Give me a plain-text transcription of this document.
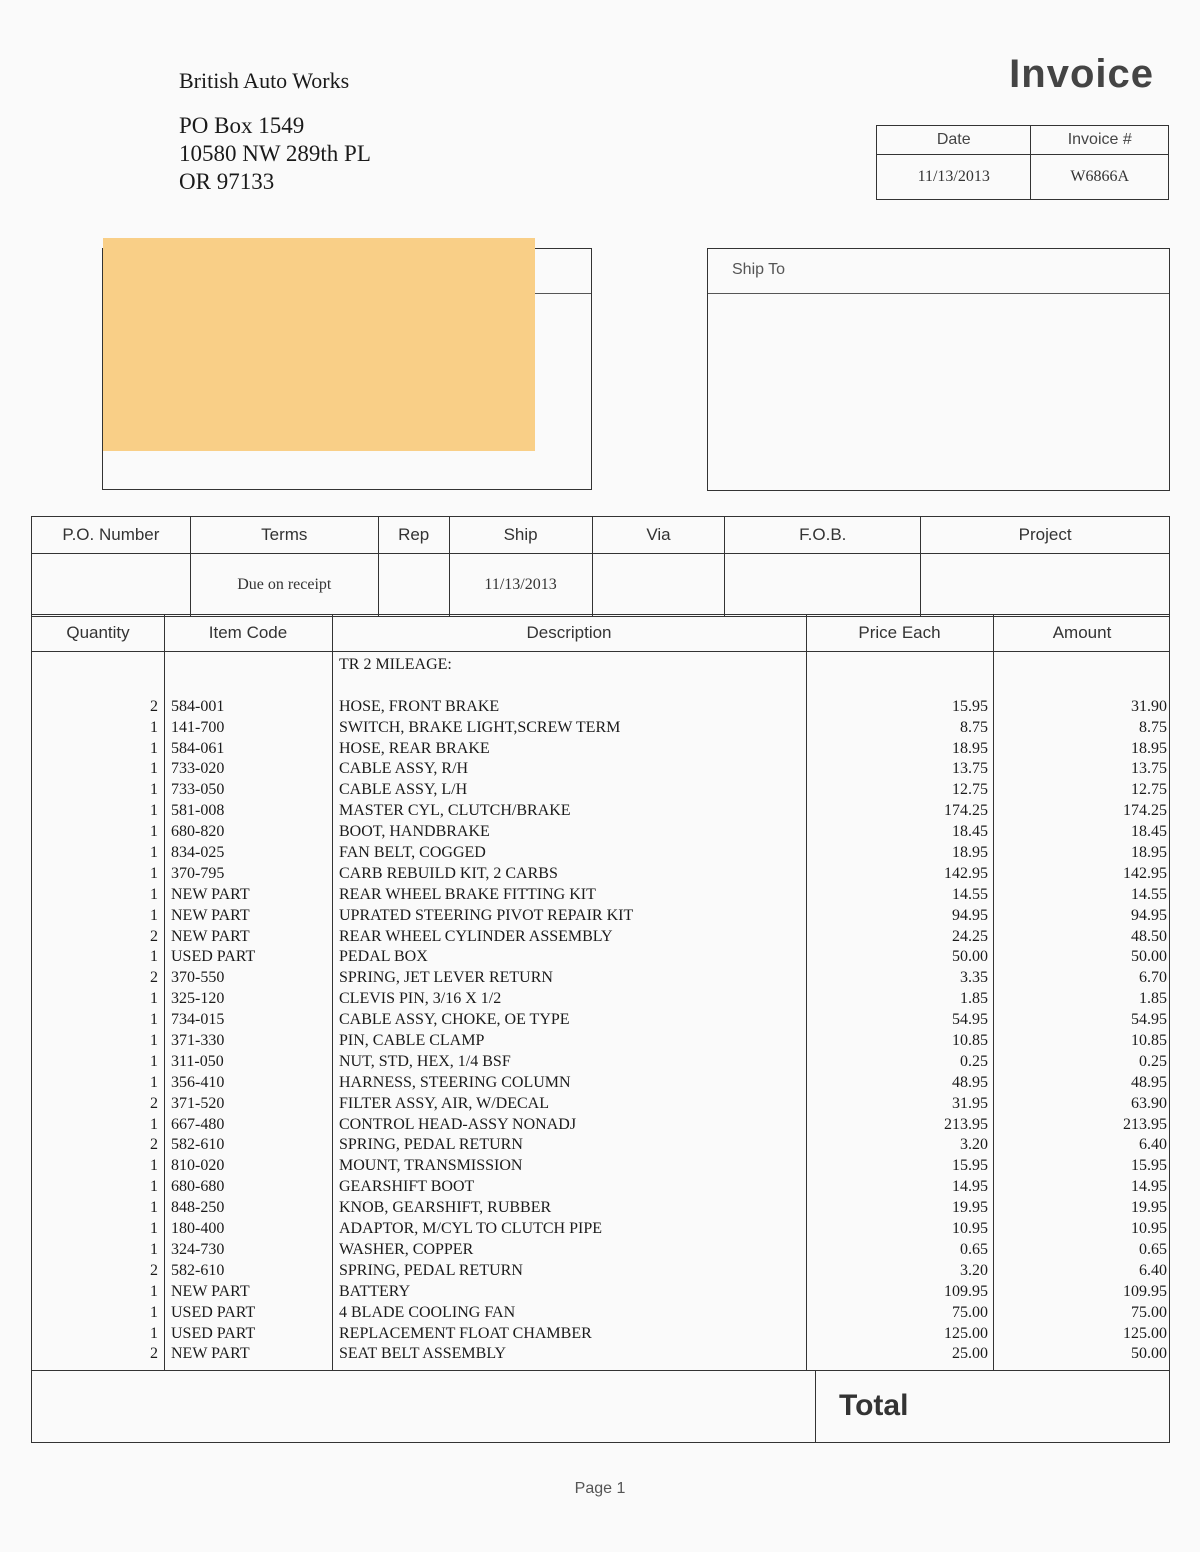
British Auto Works
PO Box 1549
10580 NW 289th PL
OR 97133
Invoice
Date	Invoice #
11/13/2013	W6866A
Ship To
P.O. Number	Terms	Rep	Ship	Via	F.O.B.	Project
	Due on receipt		11/13/2013			
Quantity	Item Code	Description	Price Each	Amount
TR 2 MILEAGE:
2 584-001	HOSE, FRONT BRAKE	15.95	31.90
1 141-700	SWITCH, BRAKE LIGHT,SCREW TERM	8.75	8.75
1 584-061	HOSE, REAR BRAKE	18.95	18.95
1 733-020	CABLE ASSY, R/H	13.75	13.75
1 733-050	CABLE ASSY, L/H	12.75	12.75
1 581-008	MASTER CYL, CLUTCH/BRAKE	174.25	174.25
1 680-820	BOOT, HANDBRAKE	18.45	18.45
1 834-025	FAN BELT, COGGED	18.95	18.95
1 370-795	CARB REBUILD KIT, 2 CARBS	142.95	142.95
1 NEW PART	REAR WHEEL BRAKE FITTING KIT	14.55	14.55
1 NEW PART	UPRATED STEERING PIVOT REPAIR KIT	94.95	94.95
2 NEW PART	REAR WHEEL CYLINDER ASSEMBLY	24.25	48.50
1 USED PART	PEDAL BOX	50.00	50.00
2 370-550	SPRING, JET LEVER RETURN	3.35	6.70
1 325-120	CLEVIS PIN, 3/16 X 1/2	1.85	1.85
1 734-015	CABLE ASSY, CHOKE, OE TYPE	54.95	54.95
1 371-330	PIN, CABLE CLAMP	10.85	10.85
1 311-050	NUT, STD, HEX, 1/4 BSF	0.25	0.25
1 356-410	HARNESS, STEERING COLUMN	48.95	48.95
2 371-520	FILTER ASSY, AIR, W/DECAL	31.95	63.90
1 667-480	CONTROL HEAD-ASSY NONADJ	213.95	213.95
2 582-610	SPRING, PEDAL RETURN	3.20	6.40
1 810-020	MOUNT, TRANSMISSION	15.95	15.95
1 680-680	GEARSHIFT BOOT	14.95	14.95
1 848-250	KNOB, GEARSHIFT, RUBBER	19.95	19.95
1 180-400	ADAPTOR, M/CYL TO CLUTCH PIPE	10.95	10.95
1 324-730	WASHER, COPPER	0.65	0.65
2 582-610	SPRING, PEDAL RETURN	3.20	6.40
1 NEW PART	BATTERY	109.95	109.95
1 USED PART	4 BLADE COOLING FAN	75.00	75.00
1 USED PART	REPLACEMENT FLOAT CHAMBER	125.00	125.00
2 NEW PART	SEAT BELT ASSEMBLY	25.00	50.00
Total
Page 1
